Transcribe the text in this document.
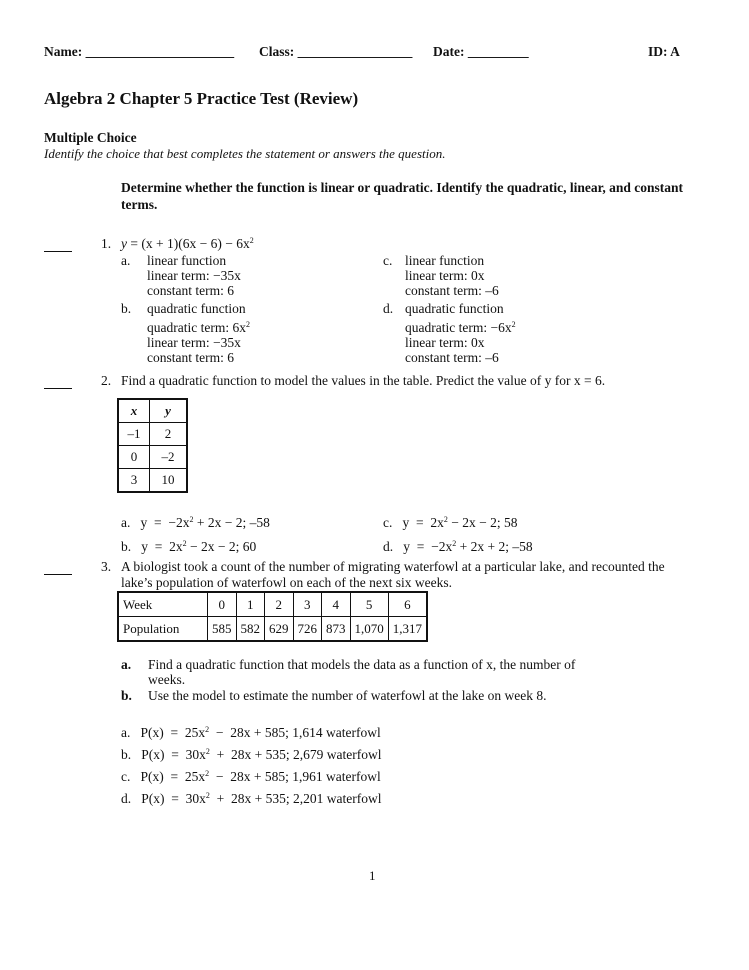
Name: ______________________ Class: _________________ Date: _________	ID: A
Algebra 2 Chapter 5 Practice Test (Review)
Multiple Choice
Identify the choice that best completes the statement or answers the question.
Determine whether the function is linear or quadratic. Identify the quadratic, linear, and constant terms.
1. $y = (x + 1)(6x - 6) - 6x^2$
a. linear function
linear term: −35x
constant term: 6
b. quadratic function
quadratic term: $6x^2$
linear term: −35x
constant term: 6
c. linear function
linear term: 0x
constant term: –6
d. quadratic function
quadratic term: $-6x^2$
linear term: 0x
constant term: –6
2. Find a quadratic function to model the values in the table. Predict the value of y for x = 6.
x	y
–1	2
0	–2
3	10
a. $y = -2x^2 + 2x - 2$; –58
b. $y = 2x^2 - 2x - 2$; 60
c. $y = 2x^2 - 2x - 2$; 58
d. $y = -2x^2 + 2x + 2$; –58
3. A biologist took a count of the number of migrating waterfowl at a particular lake, and recounted the
lake’s population of waterfowl on each of the next six weeks.
Week	0	1	2	3	4	5	6
Population	585	582	629	726	873	1,070	1,317
a. Find a quadratic function that models the data as a function of x, the number of
weeks.
b. Use the model to estimate the number of waterfowl at the lake on week 8.
a. $P(x) = 25x^2 - 28x + 585$; 1,614 waterfowl
b. $P(x) = 30x^2 + 28x + 535$; 2,679 waterfowl
c. $P(x) = 25x^2 - 28x + 585$; 1,961 waterfowl
d. $P(x) = 30x^2 + 28x + 535$; 2,201 waterfowl
1
